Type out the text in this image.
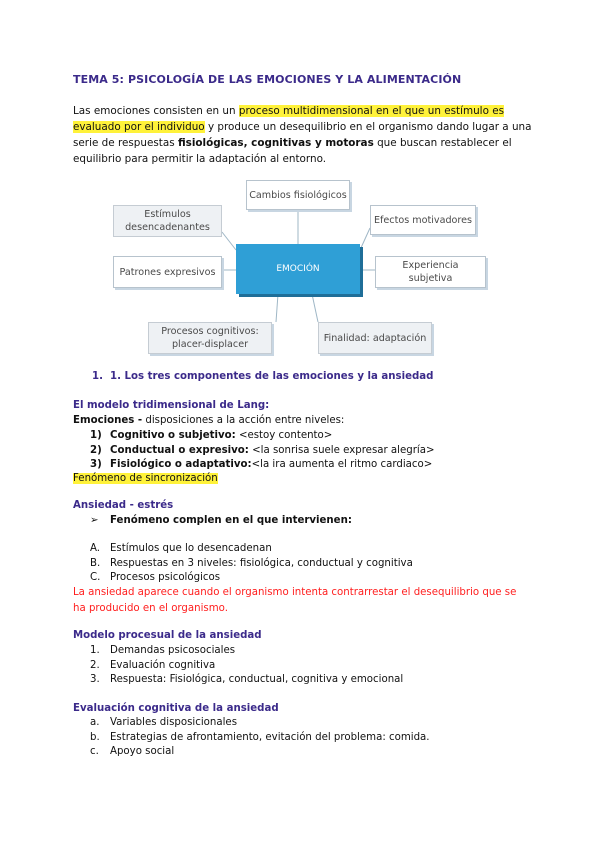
TEMA 5: PSICOLOGÍA DE LAS EMOCIONES Y LA ALIMENTACIÓN
Las emociones consisten en un proceso multidimensional en el que un estímulo es evaluado por el individuo y produce un desequilibrio en el organismo dando lugar a una serie de respuestas fisiológicas, cognitivas y motoras que buscan restablecer el equilibrio para permitir la adaptación al entorno.
Cambios fisiológicos
Estímulos desencadenantes
Efectos motivadores
Patrones expresivos	EMOCIÓN	Experiencia subjetiva
Procesos cognitivos: placer-displacer
Finalidad: adaptación
1. 1. Los tres componentes de las emociones y la ansiedad
El modelo tridimensional de Lang:
Emociones - disposiciones a la acción entre niveles:
1) Cognitivo o subjetivo: <estoy contento>
2) Conductual o expresivo: <la sonrisa suele expresar alegría>
3) Fisiológico o adaptativo:<la ira aumenta el ritmo cardiaco>
Fenómeno de sincronización
Ansiedad - estrés
➢ Fenómeno complen en el que intervienen:
A. Estímulos que lo desencadenan
B. Respuestas en 3 niveles: fisiológica, conductual y cognitiva
C. Procesos psicológicos
La ansiedad aparece cuando el organismo intenta contrarrestar el desequilibrio que se ha producido en el organismo.
Modelo procesual de la ansiedad
1. Demandas psicosociales
2. Evaluación cognitiva
3. Respuesta: Fisiológica, conductual, cognitiva y emocional
Evaluación cognitiva de la ansiedad
a. Variables disposicionales
b. Estrategias de afrontamiento, evitación del problema: comida.
c. Apoyo social
